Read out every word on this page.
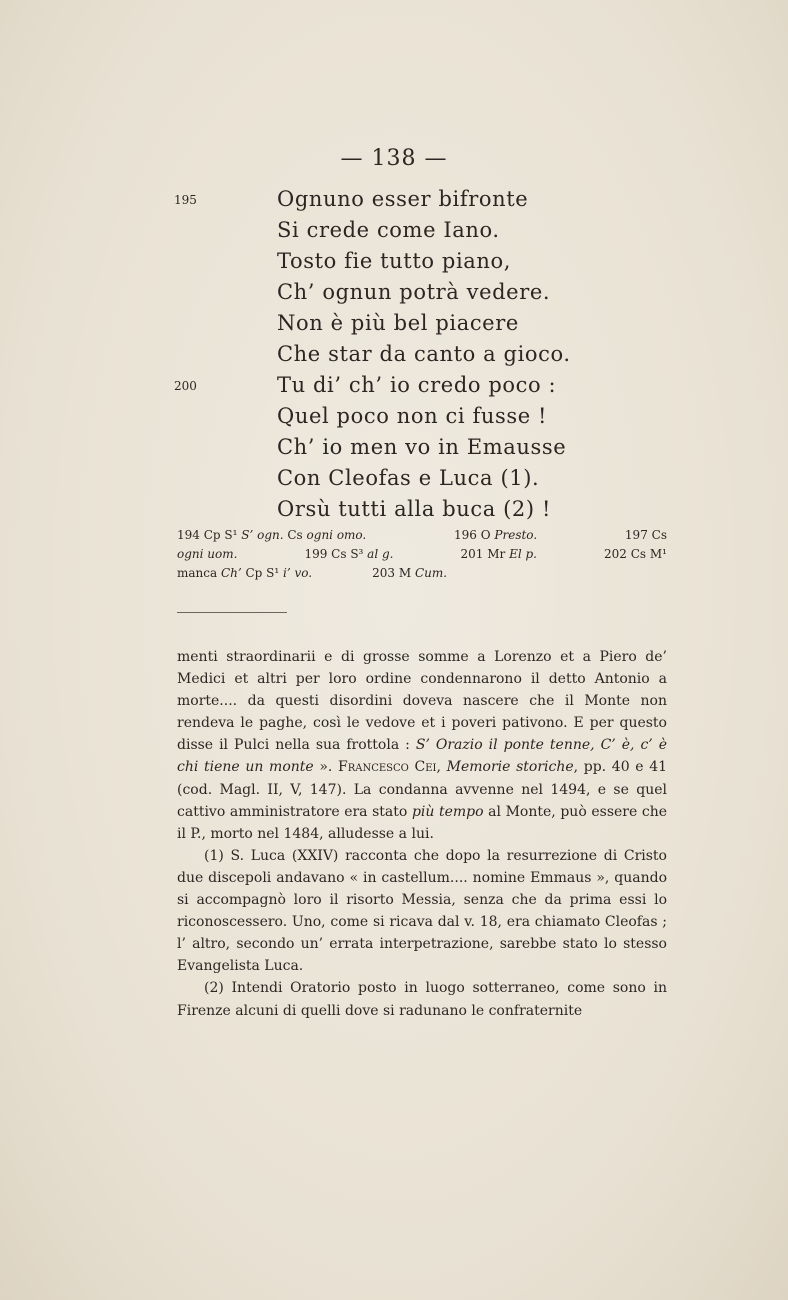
— 138 —
195
200
Ognuno esser bifronte
Si crede come Iano.
Tosto fie tutto piano,
Ch’ ognun potrà vedere.
Non è più bel piacere
Che star da canto a gioco.
Tu di’ ch’ io credo poco :
Quel poco non ci fusse !
Ch’ io men vo in Emausse
Con Cleofas e Luca (1).
Orsù tutti alla buca (2) !
194 Cp S¹ S’ ogn. Cs ogni omo.	196 O Presto.	197 Cs
ogni uom.	199 Cs S³ al g.	201 Mr El p.	202 Cs M¹
manca Ch’ Cp S¹ i’ vo.	203 M Cum.

menti straordinarii e di grosse somme a Lorenzo et a Piero de’ Medici et altri per loro ordine condennarono il detto Antonio a morte.... da questi disordini doveva nascere che il Monte non rendeva le paghe, così le vedove et i poveri pativono. E per questo disse il Pulci nella sua frottola : S’ Orazio il ponte tenne, C’ è, c’ è chi tiene un monte ». Francesco Cei, Memorie storiche, pp. 40 e 41 (cod. Magl. II, V, 147). La condanna avvenne nel 1494, e se quel cattivo amministratore era stato più tempo al Monte, può essere che il P., morto nel 1484, alludesse a lui.

(1) S. Luca (XXIV) racconta che dopo la resurrezione di Cristo due discepoli andavano « in castellum.... nomine Emmaus », quando si accompagnò loro il risorto Messia, senza che da prima essi lo riconoscessero. Uno, come si ricava dal v. 18, era chiamato Cleofas ; l’ altro, secondo un’ errata interpetrazione, sarebbe stato lo stesso Evangelista Luca.

(2) Intendi Oratorio posto in luogo sotterraneo, come sono in Firenze alcuni di quelli dove si radunano le confraternite
